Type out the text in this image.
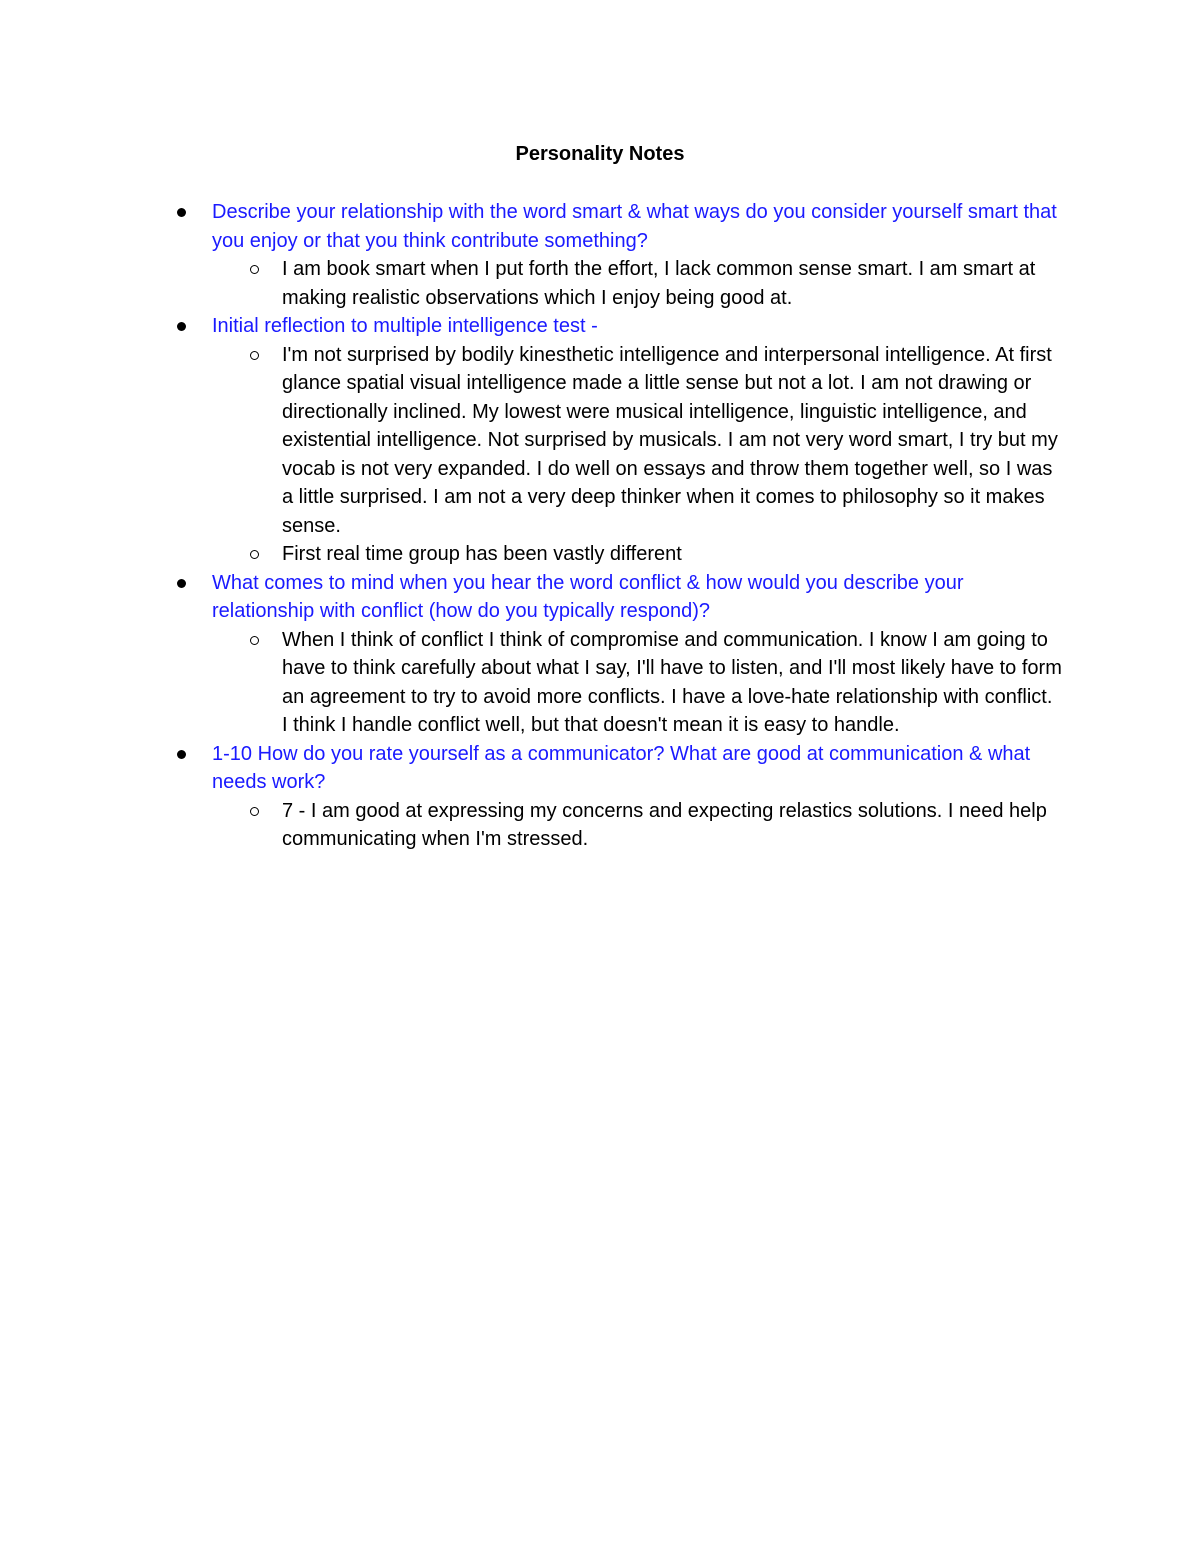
Personality Notes
Describe your relationship with the word smart & what ways do you consider yourself smart that you enjoy or that you think contribute something?
I am book smart when I put forth the effort, I lack common sense smart. I am smart at making realistic observations which I enjoy being good at.
Initial reflection to multiple intelligence test -
I'm not surprised by bodily kinesthetic intelligence and interpersonal intelligence. At first glance spatial visual intelligence made a little sense but not a lot. I am not drawing or directionally inclined. My lowest were musical intelligence, linguistic intelligence, and existential intelligence. Not surprised by musicals. I am not very word smart, I try but my vocab is not very expanded. I do well on essays and throw them together well, so I was a little surprised. I am not a very deep thinker when it comes to philosophy so it makes sense.
First real time group has been vastly different
What comes to mind when you hear the word conflict & how would you describe your relationship with conflict (how do you typically respond)?
When I think of conflict I think of compromise and communication. I know I am going to have to think carefully about what I say, I'll have to listen, and I'll most likely have to form an agreement to try to avoid more conflicts. I have a love-hate relationship with conflict. I think I handle conflict well, but that doesn't mean it is easy to handle.
1-10 How do you rate yourself as a communicator? What are good at communication & what needs work?
7 - I am good at expressing my concerns and expecting relastics solutions. I need help communicating when I'm stressed.
